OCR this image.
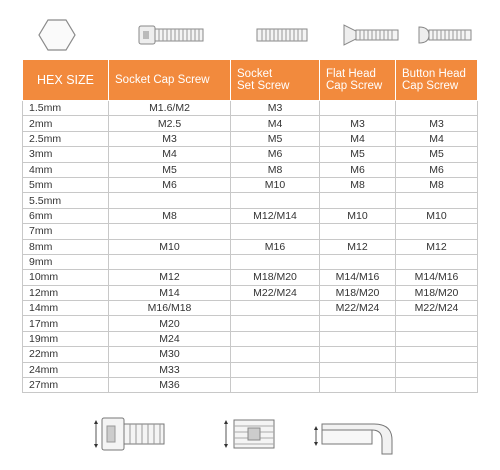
HEX SIZE	Socket Cap Screw	Socket
Set Screw	Flat Head
Cap Screw	Button Head
Cap Screw
1.5mm	M1.6/M2	M3		
2mm	M2.5	M4	M3	M3
2.5mm	M3	M5	M4	M4
3mm	M4	M6	M5	M5
4mm	M5	M8	M6	M6
5mm	M6	M10	M8	M8
5.5mm				
6mm	M8	M12/M14	M10	M10
7mm				
8mm	M10	M16	M12	M12
9mm				
10mm	M12	M18/M20	M14/M16	M14/M16
12mm	M14	M22/M24	M18/M20	M18/M20
14mm	M16/M18		M22/M24	M22/M24
17mm	M20			
19mm	M24			
22mm	M30			
24mm	M33			
27mm	M36			
